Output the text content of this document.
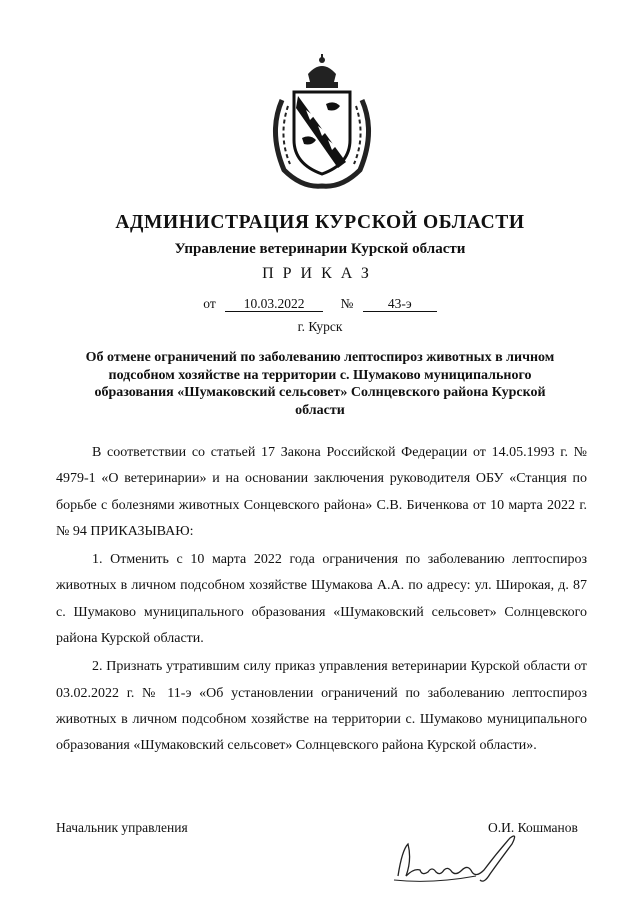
АДМИНИСТРАЦИЯ КУРСКОЙ ОБЛАСТИ
Управление ветеринарии Курской области
ПРИКАЗ
от 10.03.2022	№	43-э
г. Курск
Об отмене ограничений по заболеванию лептоспироз животных в личном подсобном хозяйстве на территории с. Шумаково муниципального образования «Шумаковский сельсовет» Солнцевского района Курской области

В соответствии со статьей 17 Закона Российской Федерации от 14.05.1993 г. № 4979-1 «О ветеринарии» и на основании заключения руководителя ОБУ «Станция по борьбе с болезнями животных Сонцевского района» С.В. Биченкова от 10 марта 2022 г. № 94 ПРИКАЗЫВАЮ:

1. Отменить с 10 марта 2022 года ограничения по заболеванию лептоспироз животных в личном подсобном хозяйстве Шумакова А.А. по адресу: ул. Широкая, д. 87 с. Шумаково муниципального образования «Шумаковский сельсовет» Солнцевского района Курской области.

2. Признать утратившим силу приказ управления ветеринарии Курской области от 03.02.2022 г. № 11-э «Об установлении ограничений по заболеванию лептоспироз животных в личном подсобном хозяйстве на территории с. Шумаково муниципального образования «Шумаковский сельсовет» Солнцевского района Курской области».

Начальник управления	О.И. Кошманов
